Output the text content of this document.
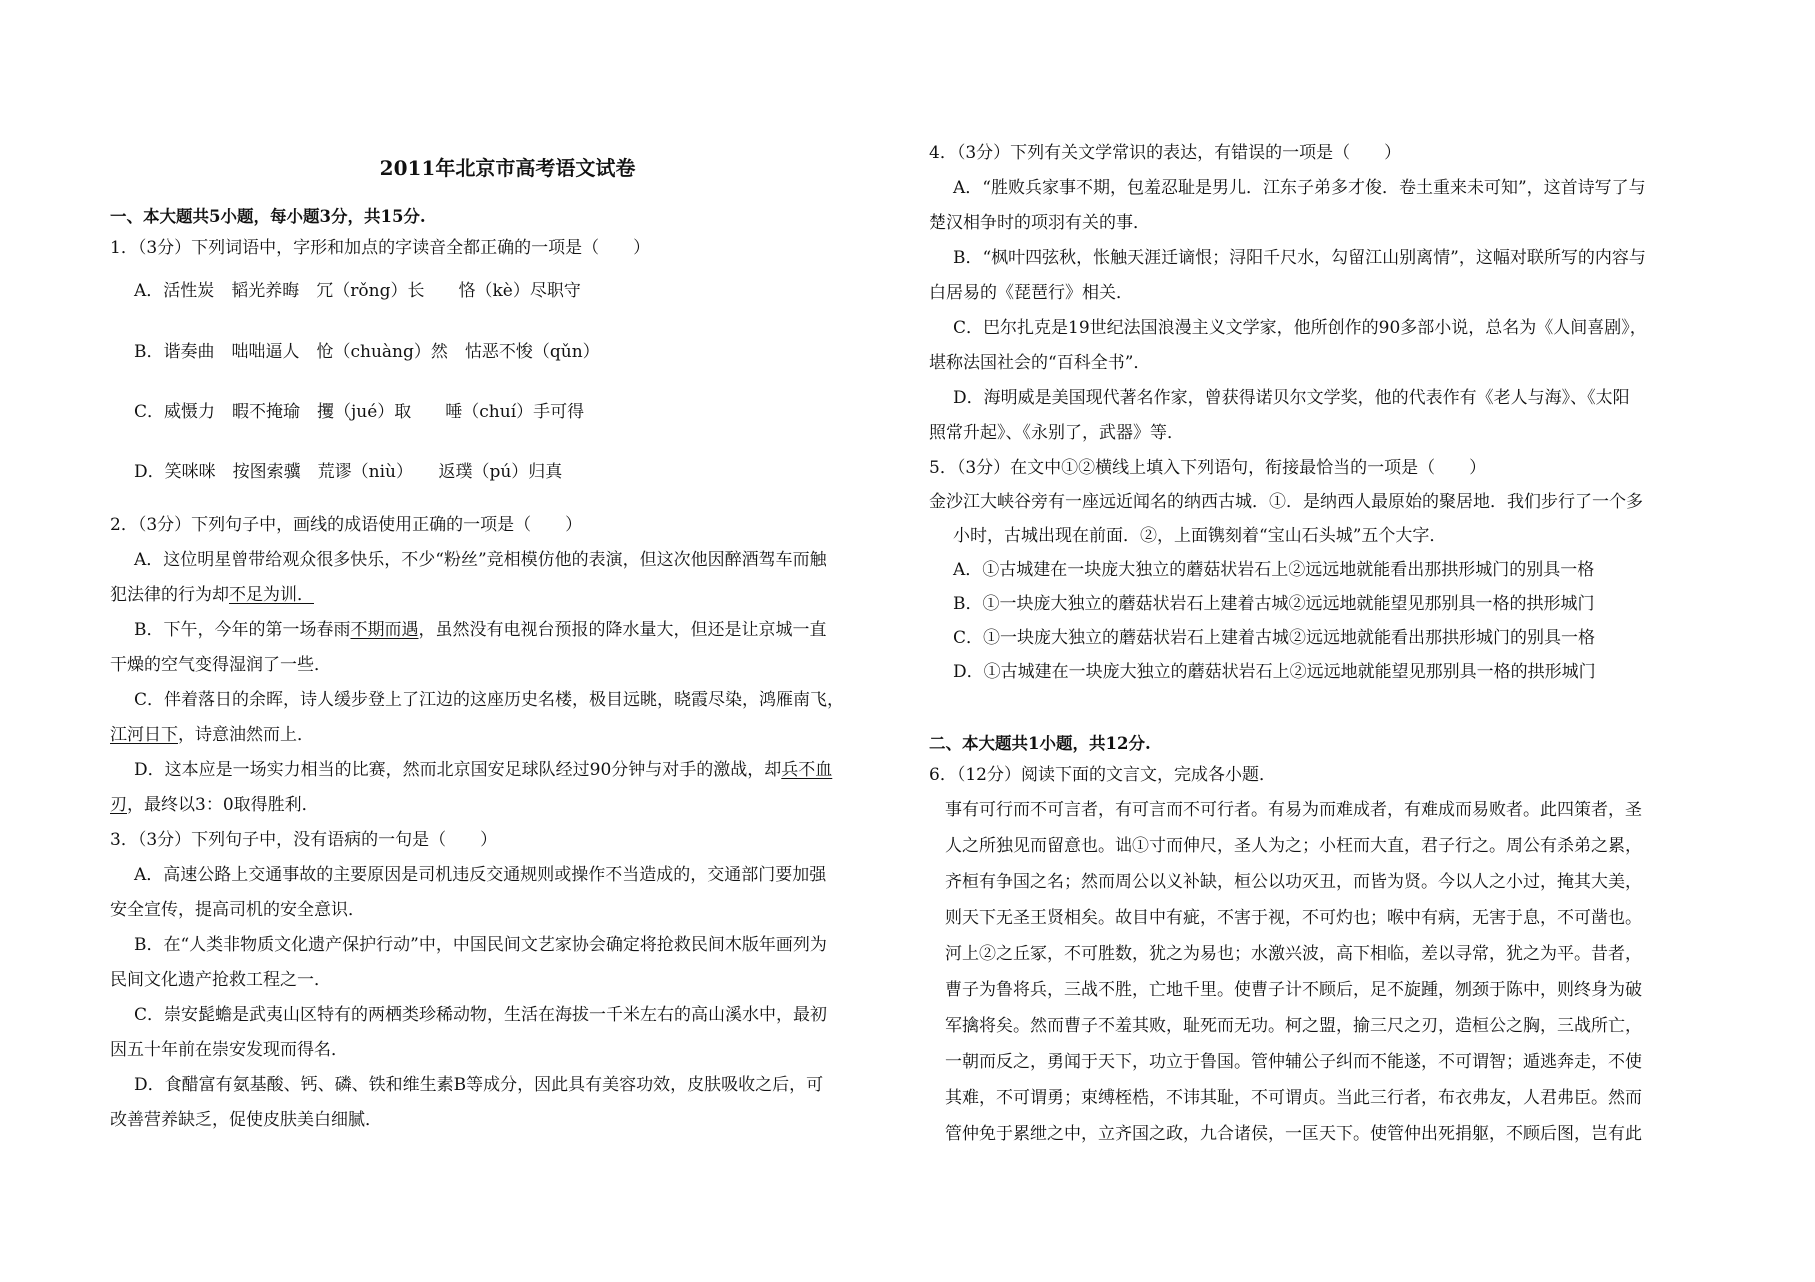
2011年北京市高考语文试卷
一、本大题共5小题，每小题3分，共15分.
1．（3分）下列词语中，字形和加点的字读音全都正确的一项是（　　）
A．活性炭　韬光养晦　冗（rǒng）长　　恪（kè）尽职守
B．谐奏曲　咄咄逼人　怆（chuàng）然　怙恶不悛（qǔn）
C．威慑力　暇不掩瑜　攫（jué）取　　唾（chuí）手可得
D．笑咪咪　按图索骥　荒谬（niù）　　返璞（pú）归真
2．（3分）下列句子中，画线的成语使用正确的一项是（　　）
A．这位明星曾带给观众很多快乐，不少“粉丝”竞相模仿他的表演，但这次他因醉酒驾车而触
犯法律的行为却不足为训．
B．下午，今年的第一场春雨不期而遇，虽然没有电视台预报的降水量大，但还是让京城一直
干燥的空气变得湿润了一些．
C．伴着落日的余晖，诗人缓步登上了江边的这座历史名楼，极目远眺，晓霞尽染，鸿雁南飞，
江河日下，诗意油然而上．
D．这本应是一场实力相当的比赛，然而北京国安足球队经过90分钟与对手的激战，却兵不血
刃，最终以3：0取得胜利．
3．（3分）下列句子中，没有语病的一句是（　　）
A．高速公路上交通事故的主要原因是司机违反交通规则或操作不当造成的，交通部门要加强
安全宣传，提高司机的安全意识．
B．在“人类非物质文化遗产保护行动”中，中国民间文艺家协会确定将抢救民间木版年画列为
民间文化遗产抢救工程之一．
C．崇安髭蟾是武夷山区特有的两栖类珍稀动物，生活在海拔一千米左右的高山溪水中，最初
因五十年前在崇安发现而得名．
D．食醋富有氨基酸、钙、磷、铁和维生素B等成分，因此具有美容功效，皮肤吸收之后，可
改善营养缺乏，促使皮肤美白细腻．
4．（3分）下列有关文学常识的表达，有错误的一项是（　　）
A．“胜败兵家事不期，包羞忍耻是男儿．江东子弟多才俊．卷土重来未可知”，这首诗写了与
楚汉相争时的项羽有关的事．
B．“枫叶四弦秋，怅触天涯迁谪恨；浔阳千尺水，勾留江山别离情”，这幅对联所写的内容与
白居易的《琵琶行》相关．
C．巴尔扎克是19世纪法国浪漫主义文学家，他所创作的90多部小说，总名为《人间喜剧》，
堪称法国社会的“百科全书”．
D．海明威是美国现代著名作家，曾获得诺贝尔文学奖，他的代表作有《老人与海》、《太阳
照常升起》、《永别了，武器》等．
5．（3分）在文中①②横线上填入下列语句，衔接最恰当的一项是（　　）
金沙江大峡谷旁有一座远近闻名的纳西古城．①．是纳西人最原始的聚居地．我们步行了一个多
小时，古城出现在前面．②，上面镌刻着“宝山石头城”五个大字．
A．①古城建在一块庞大独立的蘑菇状岩石上②远远地就能看出那拱形城门的别具一格
B．①一块庞大独立的蘑菇状岩石上建着古城②远远地就能望见那别具一格的拱形城门
C．①一块庞大独立的蘑菇状岩石上建着古城②远远地就能看出那拱形城门的别具一格
D．①古城建在一块庞大独立的蘑菇状岩石上②远远地就能望见那别具一格的拱形城门
二、本大题共1小题，共12分.
6．（12分）阅读下面的文言文，完成各小题．
事有可行而不可言者，有可言而不可行者。有易为而难成者，有难成而易败者。此四策者，圣
人之所独见而留意也。诎①寸而伸尺，圣人为之；小枉而大直，君子行之。周公有杀弟之累，
齐桓有争国之名；然而周公以义补缺，桓公以功灭丑，而皆为贤。今以人之小过，掩其大美，
则天下无圣王贤相矣。故目中有疵，不害于视，不可灼也；喉中有病，无害于息，不可凿也。
河上②之丘冢，不可胜数，犹之为易也；水激兴波，高下相临，差以寻常，犹之为平。昔者，
曹子为鲁将兵，三战不胜，亡地千里。使曹子计不顾后，足不旋踵，刎颈于陈中，则终身为破
军擒将矣。然而曹子不羞其败，耻死而无功。柯之盟，揄三尺之刃，造桓公之胸，三战所亡，
一朝而反之，勇闻于天下，功立于鲁国。管仲辅公子纠而不能遂，不可谓智；遁逃奔走，不使
其难，不可谓勇；束缚桎梏，不讳其耻，不可谓贞。当此三行者，布衣弗友，人君弗臣。然而
管仲免于累绁之中，立齐国之政，九合诸侯，一匡天下。使管仲出死捐躯，不顾后图，岂有此
